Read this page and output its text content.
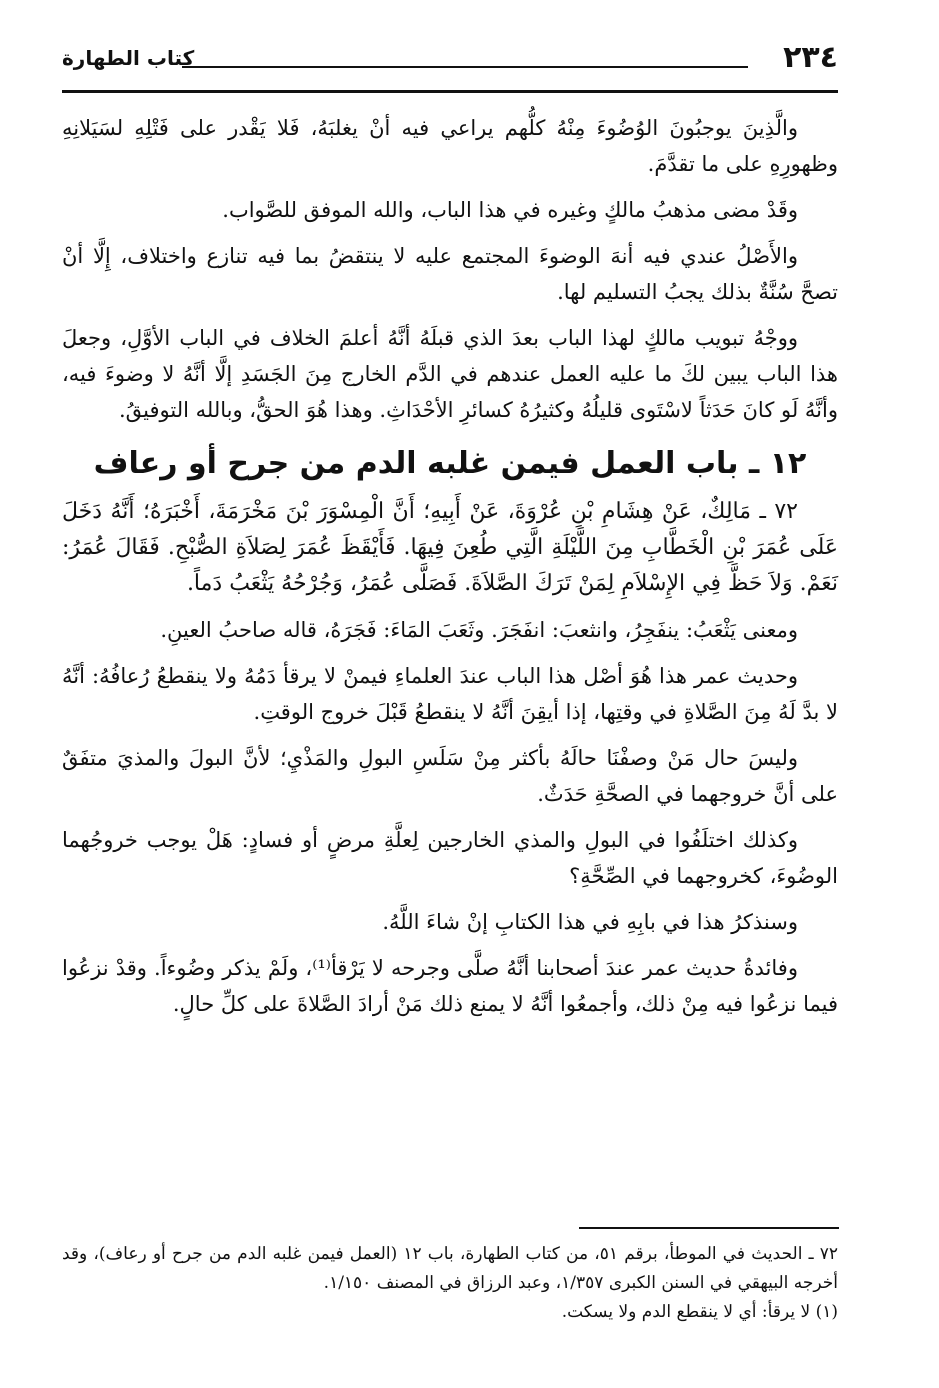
٢٣٤
كتاب الطهارة

والَّذِينَ يوجبُونَ الوُضُوءَ مِنْهُ كلُّهم يراعي فيه أنْ يغلبَهُ، فَلا يَقْدر على فَتْلِهِ لسَيَلانِهِ وظهورِهِ على ما تقدَّمَ.

وقَدْ مضى مذهبُ مالكٍ وغيره في هذا الباب، والله الموفق للصَّواب.

والأَصْلُ عندي فيه أنهَ الوضوءَ المجتمع عليه لا ينتقضُ بما فيه تنازع واختلاف، إِلَّا أنْ تصحَّ سُنَّةٌ بذلك يجبُ التسليم لها.

ووجْهُ تبويب مالكٍ لهذا الباب بعدَ الذي قبلَهُ أنَّهُ أعلمَ الخلاف في الباب الأوَّلِ، وجعلَ هذا الباب يبين لكَ ما عليه العمل عندهم في الدَّم الخارج مِنَ الجَسَدِ إلَّا أنَّهُ لا وضوءَ فيه، وأنَّهُ لَو كانَ حَدَثاً لاسْتَوى قليلُهُ وكثيرُهُ كسائرِ الأحْدَاثِ. وهذا هُوَ الحقُّ، وبالله التوفيقُ.

١٢ ـ باب العمل فيمن غلبه الدم من جرح أو رعاف

٧٢ ـ مَالِكٌ، عَنْ هِشَامِ بْنِ عُرْوَةَ، عَنْ أَبِيهِ؛ أَنَّ الْمِسْوَرَ بْنَ مَخْرَمَةَ، أَخْبَرَهُ؛ أَنَّهُ دَخَلَ عَلَى عُمَرَ بْنِ الْخَطَّابِ مِنَ اللَّيْلَةِ الَّتِي طُعِنَ فِيهَا. فَأَيْقَظَ عُمَرَ لِصَلاَةِ الصُّبْحِ. فَقَالَ عُمَرُ: نَعَمْ. وَلاَ حَظَّ فِي الإِسْلاَمِ لِمَنْ تَرَكَ الصَّلاَةَ. فَصَلَّى عُمَرُ، وَجُرْحُهُ يَثْعَبُ دَماً.

ومعنى يَثْعَبُ: ينفَجِرُ، وانثعبَ: انفَجَرَ. وثَعَبَ المَاءَ: فَجَرَهُ، قاله صاحبُ العينِ.

وحديث عمر هذا هُوَ أصْل هذا الباب عندَ العلماءِ فيمنْ لا يرقأ دَمُهُ ولا ينقطعُ رُعافُهُ: أنَّهُ لا بدَّ لَهُ مِنَ الصَّلاةِ في وقتِها، إذا أيقِنَ أنَّهُ لا ينقطعُ قَبْلَ خروج الوقتِ.

وليسَ حال مَنْ وصفْنَا حالَهُ بأكثر مِنْ سَلَسِ البولِ والمَذْيِ؛ لأنَّ البولَ والمذيَ متفَقٌ على أنَّ خروجهما في الصحَّةِ حَدَثٌ.

وكذلك اختلَفُوا في البولِ والمذي الخارجين لِعلَّةِ مرضٍ أو فسادٍ: هَلْ يوجب خروجُهما الوضُوءَ، كخروجهما في الصِّحَّةِ؟

وسنذكرُ هذا في بابِهِ في هذا الكتابِ إنْ شاءَ اللَّهُ.

وفائدةُ حديث عمر عندَ أصحابنا أنَّهُ صلَّى وجرحه لا يَرْقأ⁽¹⁾، ولَمْ يذكر وضُوءاً. وقدْ نزعُوا فيما نزعُوا فيه مِنْ ذلك، وأجمعُوا أنَّهُ لا يمنع ذلك مَنْ أرادَ الصَّلاةَ على كلِّ حالٍ.

٧٢ ـ الحديث في الموطأ، برقم ٥١، من كتاب الطهارة، باب ١٢ (العمل فيمن غلبه الدم من جرح أو رعاف)، وقد أخرجه البيهقي في السنن الكبرى ١/٣٥٧، وعبد الرزاق في المصنف ١/١٥٠.

(١) لا يرقأ: أي لا ينقطع الدم ولا يسكت.
